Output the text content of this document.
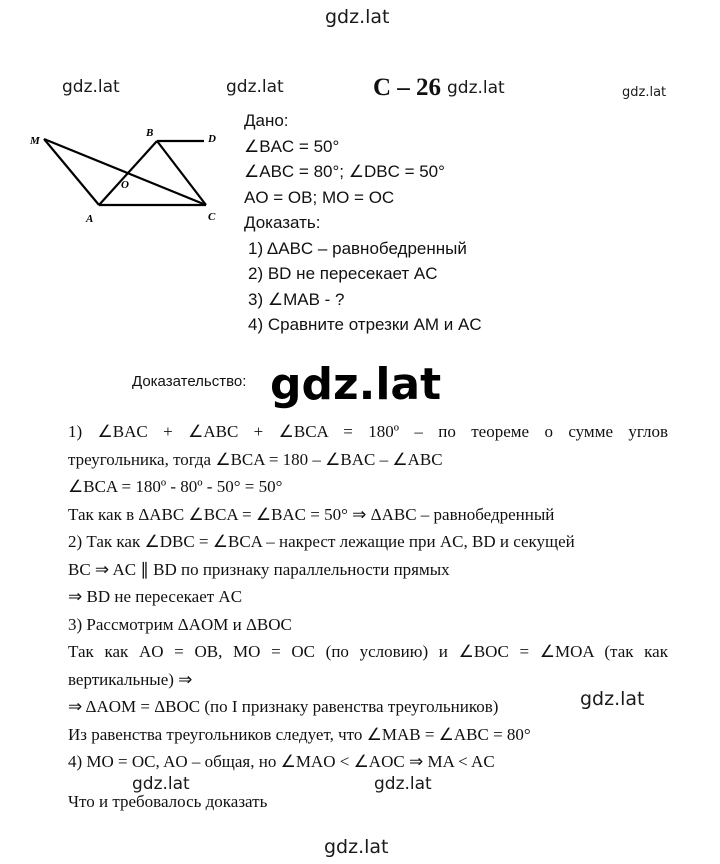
gdz.lat
gdz.lat	gdz.lat	gdz.lat	gdz.lat
C – 26
M
B	D
O
A	C
Дано:
∠BAC = 50°
∠ABC = 80°; ∠DBC = 50°
AO = OB; MO = OC
Доказать:
1) ΔABC – равнобедренный
2) BD не пересекает AC
3) ∠MAB - ?
4) Сравните отрезки AM и AC
Доказательство: gdz.lat
1) ∠BAC + ∠ABC + ∠BCA = 180º – по теореме о сумме углов
треугольника, тогда ∠BCA = 180 – ∠BAC – ∠ABC
∠BCA = 180º - 80º - 50° = 50°
Так как в ΔABC ∠BCA = ∠BAC = 50° ⇒ ΔABC – равнобедренный
2) Так как ∠DBC = ∠BCA – накрест лежащие при AC, BD и секущей
BC ⇒ AC ∥ BD по признаку параллельности прямых
⇒ BD не пересекает AC
3) Рассмотрим ΔAOM и ΔBOC
Так как AO = OB, MO = OC (по условию) и ∠BOC = ∠MOA (так как
вертикальные) ⇒
⇒ ΔAOM = ΔBOC (по I признаку равенства треугольников)
Из равенства треугольников следует, что ∠MAB = ∠ABC = 80°
4) MO = OC, AO – общая, но ∠MAO < ∠AOC ⇒ MA < AC
Что и требовалось доказать
gdz.lat
gdz.lat	gdz.lat
gdz.lat
